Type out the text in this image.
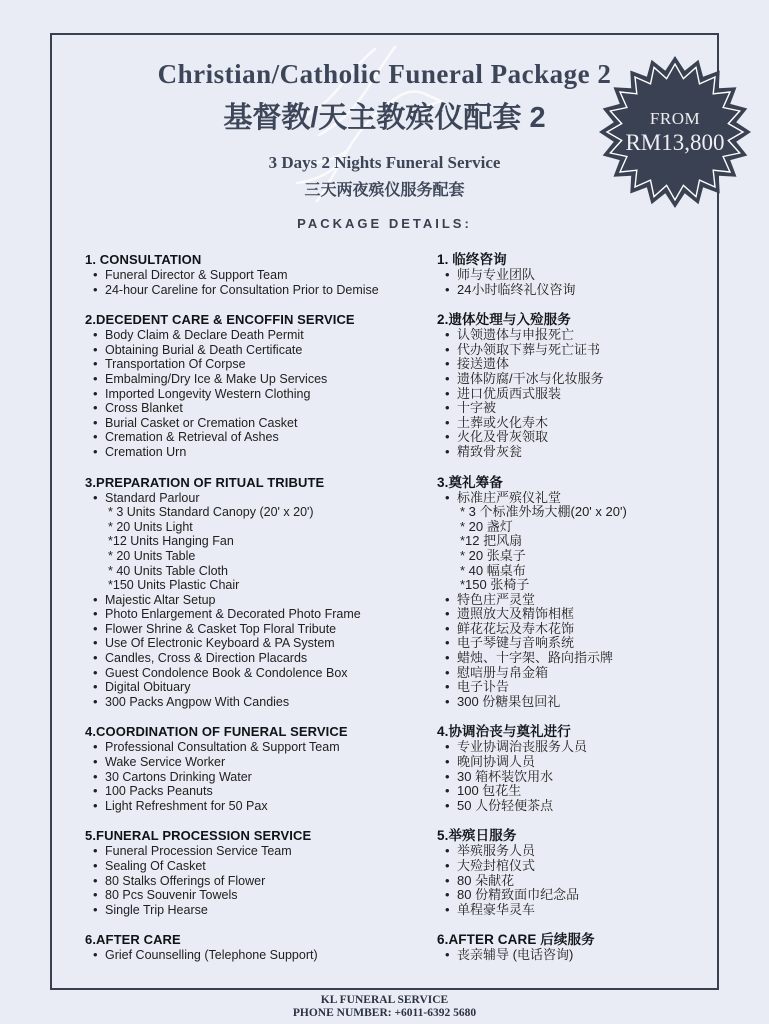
Christian/Catholic Funeral Package 2
基督教/天主教殡仪配套 2
3 Days 2 Nights Funeral Service
三天两夜殡仪服务配套
PACKAGE DETAILS:
1. CONSULTATION
• Funeral Director & Support Team
• 24-hour Careline for Consultation Prior to Demise
2.DECEDENT CARE & ENCOFFIN SERVICE
• Body Claim & Declare Death Permit
• Obtaining Burial & Death Certificate
• Transportation Of Corpse
• Embalming/Dry Ice & Make Up Services
• Imported Longevity Western Clothing
• Cross Blanket
• Burial Casket or Cremation Casket
• Cremation & Retrieval of Ashes
• Cremation Urn
3.PREPARATION OF RITUAL TRIBUTE
• Standard Parlour
* 3 Units Standard Canopy (20' x 20')
* 20 Units Light
*12 Units Hanging Fan
* 20 Units Table
* 40 Units Table Cloth
*150 Units Plastic Chair
• Majestic Altar Setup
• Photo Enlargement & Decorated Photo Frame
• Flower Shrine & Casket Top Floral Tribute
• Use Of Electronic Keyboard & PA System
• Candles, Cross & Direction Placards
• Guest Condolence Book & Condolence Box
• Digital Obituary
• 300 Packs Angpow With Candies
4.COORDINATION OF FUNERAL SERVICE
• Professional Consultation & Support Team
• Wake Service Worker
• 30 Cartons Drinking Water
• 100 Packs Peanuts
• Light Refreshment for 50 Pax
5.FUNERAL PROCESSION SERVICE
• Funeral Procession Service Team
• Sealing Of Casket
• 80 Stalks Offerings of Flower
• 80 Pcs Souvenir Towels
• Single Trip Hearse
6.AFTER CARE
• Grief Counselling (Telephone Support)
1. 临终咨询
• 师与专业团队
• 24小时临终礼仪咨询
2.遗体处理与入殓服务
• 认领遗体与申报死亡
• 代办领取下葬与死亡证书
• 接送遗体
• 遗体防腐/干冰与化妆服务
• 进口优质西式服装
• 十字被
• 土葬或火化寿木
• 火化及骨灰领取
• 精致骨灰瓮
3.奠礼筹备
• 标准庄严殡仪礼堂
* 3 个标准外场大棚(20' x 20')
* 20 盏灯
*12 把风扇
* 20 张桌子
* 40 幅桌布
*150 张椅子
• 特色庄严灵堂
• 遗照放大及精饰相框
• 鲜花花坛及寿木花饰
• 电子琴键与音响系统
• 蜡烛、十字架、路向指示牌
• 慰唁册与帛金箱
• 电子讣告
• 300 份糖果包回礼
4.协调治丧与奠礼进行
• 专业协调治丧服务人员
• 晚间协调人员
• 30 箱杯装饮用水
• 100 包花生
• 50 人份轻便茶点
5.举殡日服务
• 举殡服务人员
• 大殓封棺仪式
• 80 朵献花
• 80 份精致面巾纪念品
• 单程豪华灵车
6.AFTER CARE 后续服务
• 丧亲辅导 (电话咨询)
FROM
RM13,800
KL FUNERAL SERVICE
PHONE NUMBER: +6011-6392 5680
